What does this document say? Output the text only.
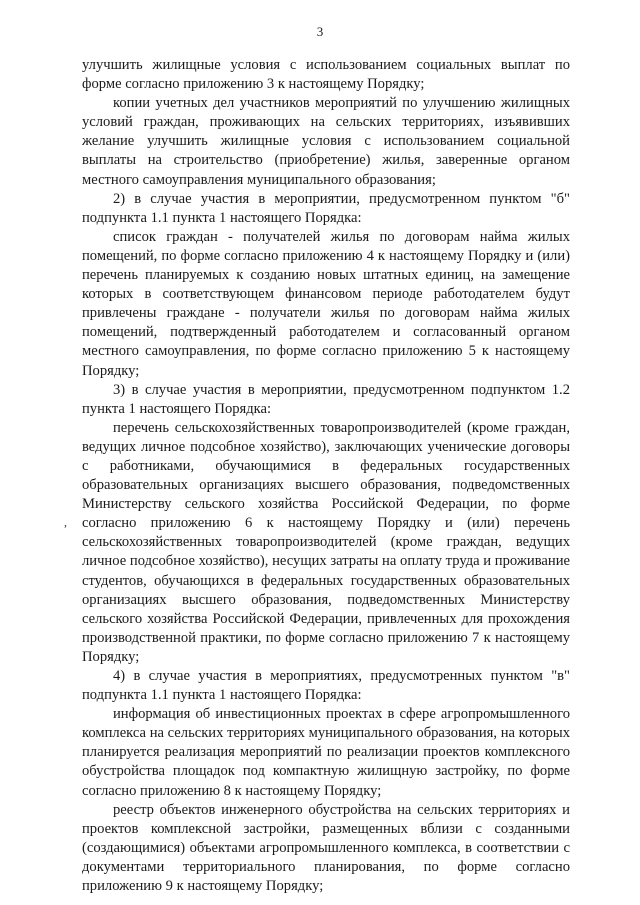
3
,

улучшить жилищные условия с использованием социальных выплат по форме согласно приложению 3 к настоящему Порядку;

копии учетных дел участников мероприятий по улучшению жилищных условий граждан, проживающих на сельских территориях, изъявивших желание улучшить жилищные условия с использованием социальной выплаты на строительство (приобретение) жилья, заверенные органом местного самоуправления муниципального образования;

2) в случае участия в мероприятии, предусмотренном пунктом "б" подпункта 1.1 пункта 1 настоящего Порядка:

список граждан - получателей жилья по договорам найма жилых помещений, по форме согласно приложению 4 к настоящему Порядку и (или) перечень планируемых к созданию новых штатных единиц, на замещение которых в соответствующем финансовом периоде работодателем будут привлечены граждане - получатели жилья по договорам найма жилых помещений, подтвержденный работодателем и согласованный органом местного самоуправления, по форме согласно приложению 5 к настоящему Порядку;

3) в случае участия в мероприятии, предусмотренном подпунктом 1.2 пункта 1 настоящего Порядка:

перечень сельскохозяйственных товаропроизводителей (кроме граждан, ведущих личное подсобное хозяйство), заключающих ученические договоры с работниками, обучающимися в федеральных государственных образовательных организациях высшего образования, подведомственных Министерству сельского хозяйства Российской Федерации, по форме согласно приложению 6 к настоящему Порядку и (или) перечень сельскохозяйственных товаропроизводителей (кроме граждан, ведущих личное подсобное хозяйство), несущих затраты на оплату труда и проживание студентов, обучающихся в федеральных государственных образовательных организациях высшего образования, подведомственных Министерству сельского хозяйства Российской Федерации, привлеченных для прохождения производственной практики, по форме согласно приложению 7 к настоящему Порядку;

4) в случае участия в мероприятиях, предусмотренных пунктом "в" подпункта 1.1 пункта 1 настоящего Порядка:

информация об инвестиционных проектах в сфере агропромышленного комплекса на сельских территориях муниципального образования, на которых планируется реализация мероприятий по реализации проектов комплексного обустройства площадок под компактную жилищную застройку, по форме согласно приложению 8 к настоящему Порядку;

реестр объектов инженерного обустройства на сельских территориях и проектов комплексной застройки, размещенных вблизи с созданными (создающимися) объектами агропромышленного комплекса, в соответствии с документами территориального планирования, по форме согласно приложению 9 к настоящему Порядку;
